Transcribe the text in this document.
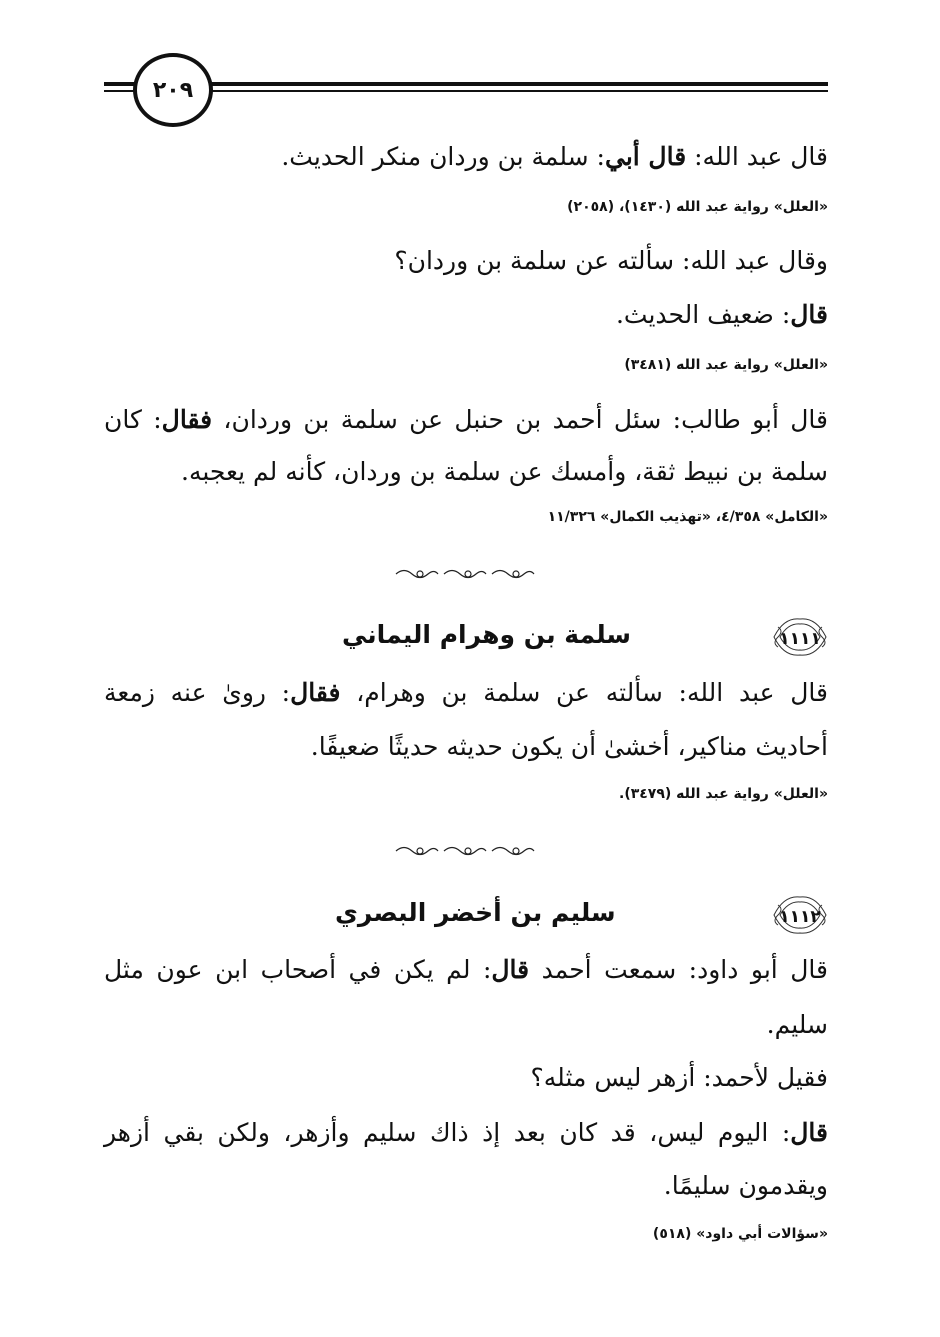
٢٠٩
قال عبد الله: قال أبي: سلمة بن وردان منكر الحديث.
«العلل» رواية عبد الله (١٤٣٠)، (٢٠٥٨)
وقال عبد الله: سألته عن سلمة بن وردان؟
قال: ضعيف الحديث.
«العلل» رواية عبد الله (٣٤٨١)
قال أبو طالب: سئل أحمد بن حنبل عن سلمة بن وردان، فقال: كان
سلمة بن نبيط ثقة، وأمسك عن سلمة بن وردان، كأنه لم يعجبه.
«الكامل» ٤/٣٥٨، «تهذيب الكمال» ١١/٣٢٦
١١١١
سلمة بن وهرام اليماني
قال عبد الله: سألته عن سلمة بن وهرام، فقال: روىٰ عنه زمعة
أحاديث مناكير، أخشىٰ أن يكون حديثه حديثًا ضعيفًا.
«العلل» رواية عبد الله (٣٤٧٩).
١١١٢
سليم بن أخضر البصري
قال أبو داود: سمعت أحمد قال: لم يكن في أصحاب ابن عون مثل
سليم.
فقيل لأحمد: أزهر ليس مثله؟
قال: اليوم ليس، قد كان بعد إذ ذاك سليم وأزهر، ولكن بقي أزهر
ويقدمون سليمًا.
«سؤالات أبي داود» (٥١٨)
